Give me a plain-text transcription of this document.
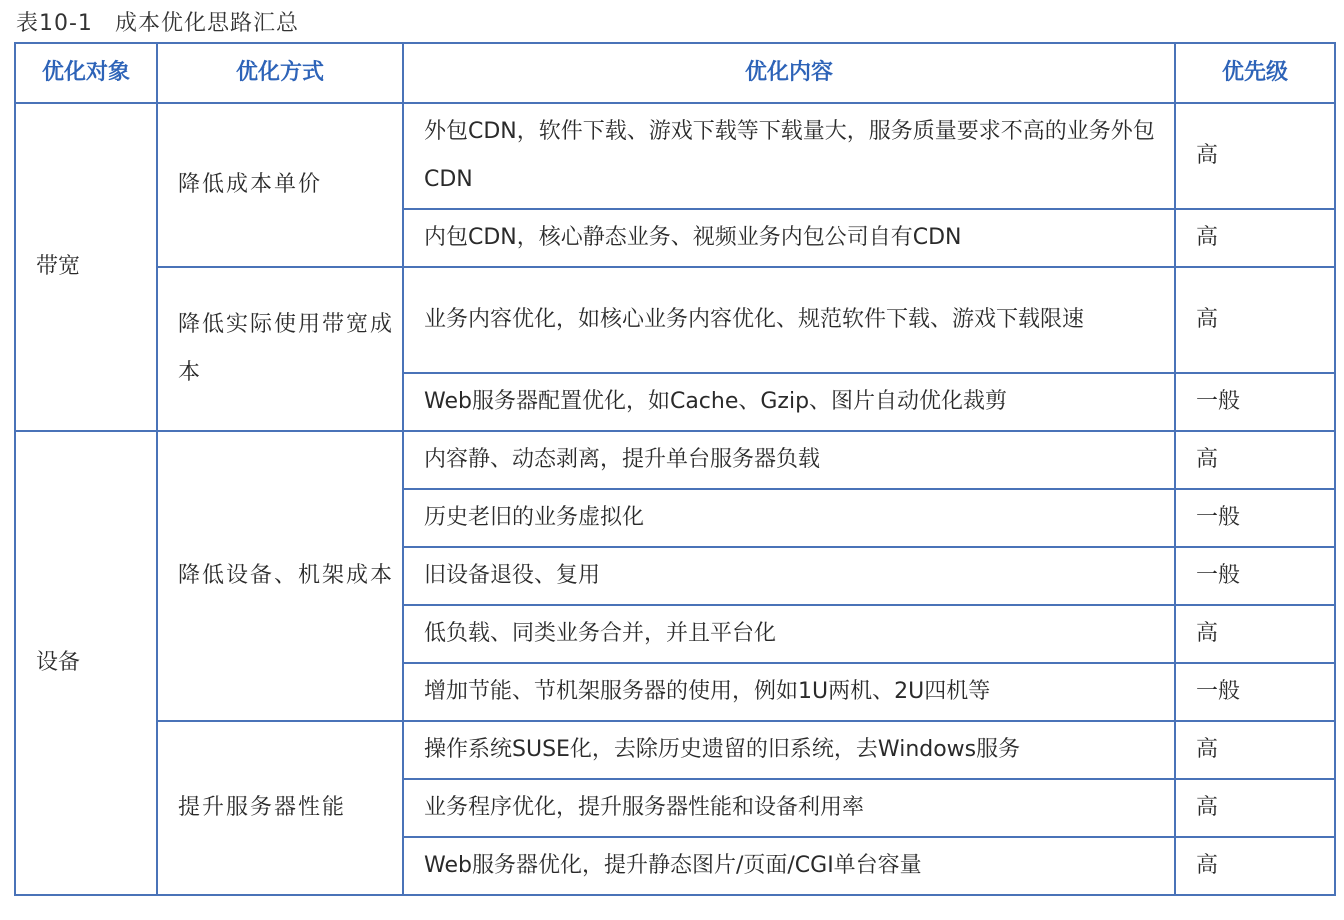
表10-1 成本优化思路汇总
优化对象	优化方式	优化内容	优先级
带宽	降低成本单价	外包CDN，软件下载、游戏下载等下载量大，服务质量要求不高的业务外包CDN	高
		内包CDN，核心静态业务、视频业务内包公司自有CDN	高
	降低实际使用带宽成本	业务内容优化，如核心业务内容优化、规范软件下载、游戏下载限速	高
		Web服务器配置优化，如Cache、Gzip、图片自动优化裁剪	一般
设备	降低设备、机架成本	内容静、动态剥离，提升单台服务器负载	高
		历史老旧的业务虚拟化	一般
		旧设备退役、复用	一般
		低负载、同类业务合并，并且平台化	高
		增加节能、节机架服务器的使用，例如1U两机、2U四机等	一般
	提升服务器性能	操作系统SUSE化，去除历史遗留的旧系统，去Windows服务	高
		业务程序优化，提升服务器性能和设备利用率	高
		Web服务器优化，提升静态图片/页面/CGI单台容量	高
